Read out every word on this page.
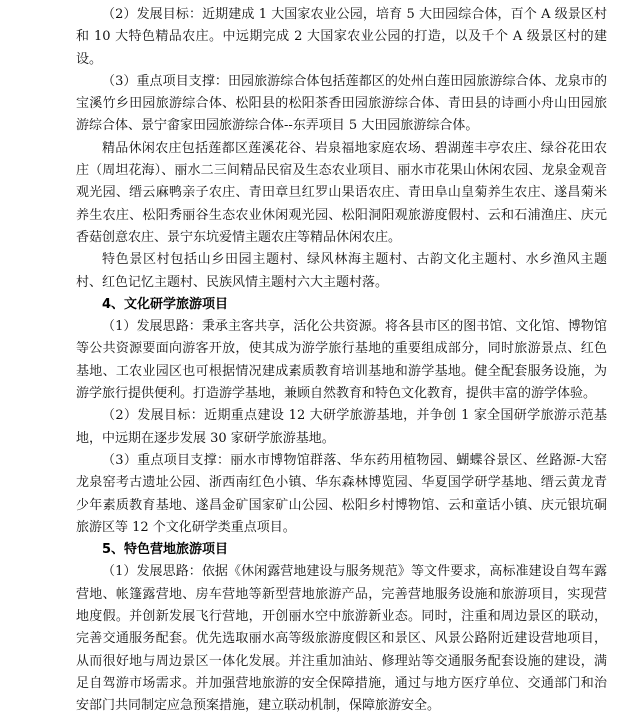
（2）发展目标：近期建成 1 大国家农业公园，培育 5 大田园综合体，百个 A 级景区村和 10 大特色精品农庄。中远期完成 2 大国家农业公园的打造，以及千个 A 级景区村的建设。

（3）重点项目支撑：田园旅游综合体包括莲都区的处州白莲田园旅游综合体、龙泉市的宝溪竹乡田园旅游综合体、松阳县的松阳茶香田园旅游综合体、青田县的诗画小舟山田园旅游综合体、景宁畲家田园旅游综合体--东弄项目 5 大田园旅游综合体。

精品休闲农庄包括莲都区莲溪花谷、岩泉福地家庭农场、碧湖莲丰亭农庄、绿谷花田农庄（周坦花海）、丽水二三间精品民宿及生态农业项目、丽水市花果山休闲农园、龙泉金观音观光园、缙云麻鸭亲子农庄、青田章旦红罗山果语农庄、青田阜山皇菊养生农庄、遂昌菊米养生农庄、松阳秀丽谷生态农业休闲观光园、松阳洞阳观旅游度假村、云和石浦渔庄、庆元香菇创意农庄、景宁东坑爱情主题农庄等精品休闲农庄。

特色景区村包括山乡田园主题村、绿风林海主题村、古韵文化主题村、水乡渔风主题村、红色记忆主题村、民族风情主题村六大主题村落。

4、文化研学旅游项目

（1）发展思路：秉承主客共享，活化公共资源。将各县市区的图书馆、文化馆、博物馆等公共资源要面向游客开放，使其成为游学旅行基地的重要组成部分，同时旅游景点、红色基地、工农业园区也可根据情况建成素质教育培训基地和游学基地。健全配套服务设施，为游学旅行提供便利。打造游学基地，兼顾自然教育和特色文化教育，提供丰富的游学体验。

（2）发展目标：近期重点建设 12 大研学旅游基地，并争创 1 家全国研学旅游示范基地，中远期在逐步发展 30 家研学旅游基地。

（3）重点项目支撑：丽水市博物馆群落、华东药用植物园、蝴蝶谷景区、丝路源-大窑龙泉窑考古遗址公园、浙西南红色小镇、华东森林博览园、华夏国学研学基地、缙云黄龙青少年素质教育基地、遂昌金矿国家矿山公园、松阳乡村博物馆、云和童话小镇、庆元银坑硐旅游区等 12 个文化研学类重点项目。

5、特色营地旅游项目

（1）发展思路：依据《休闲露营地建设与服务规范》等文件要求，高标准建设自驾车露营地、帐篷露营地、房车营地等新型营地旅游产品，完善营地服务设施和旅游项目，实现营地度假。并创新发展飞行营地，开创丽水空中旅游新业态。同时，注重和周边景区的联动，完善交通服务配套。优先选取丽水高等级旅游度假区和景区、风景公路附近建设营地项目，从而很好地与周边景区一体化发展。并注重加油站、修理站等交通服务配套设施的建设，满足自驾游市场需求。并加强营地旅游的安全保障措施，通过与地方医疗单位、交通部门和治安部门共同制定应急预案措施，建立联动机制，保障旅游安全。
